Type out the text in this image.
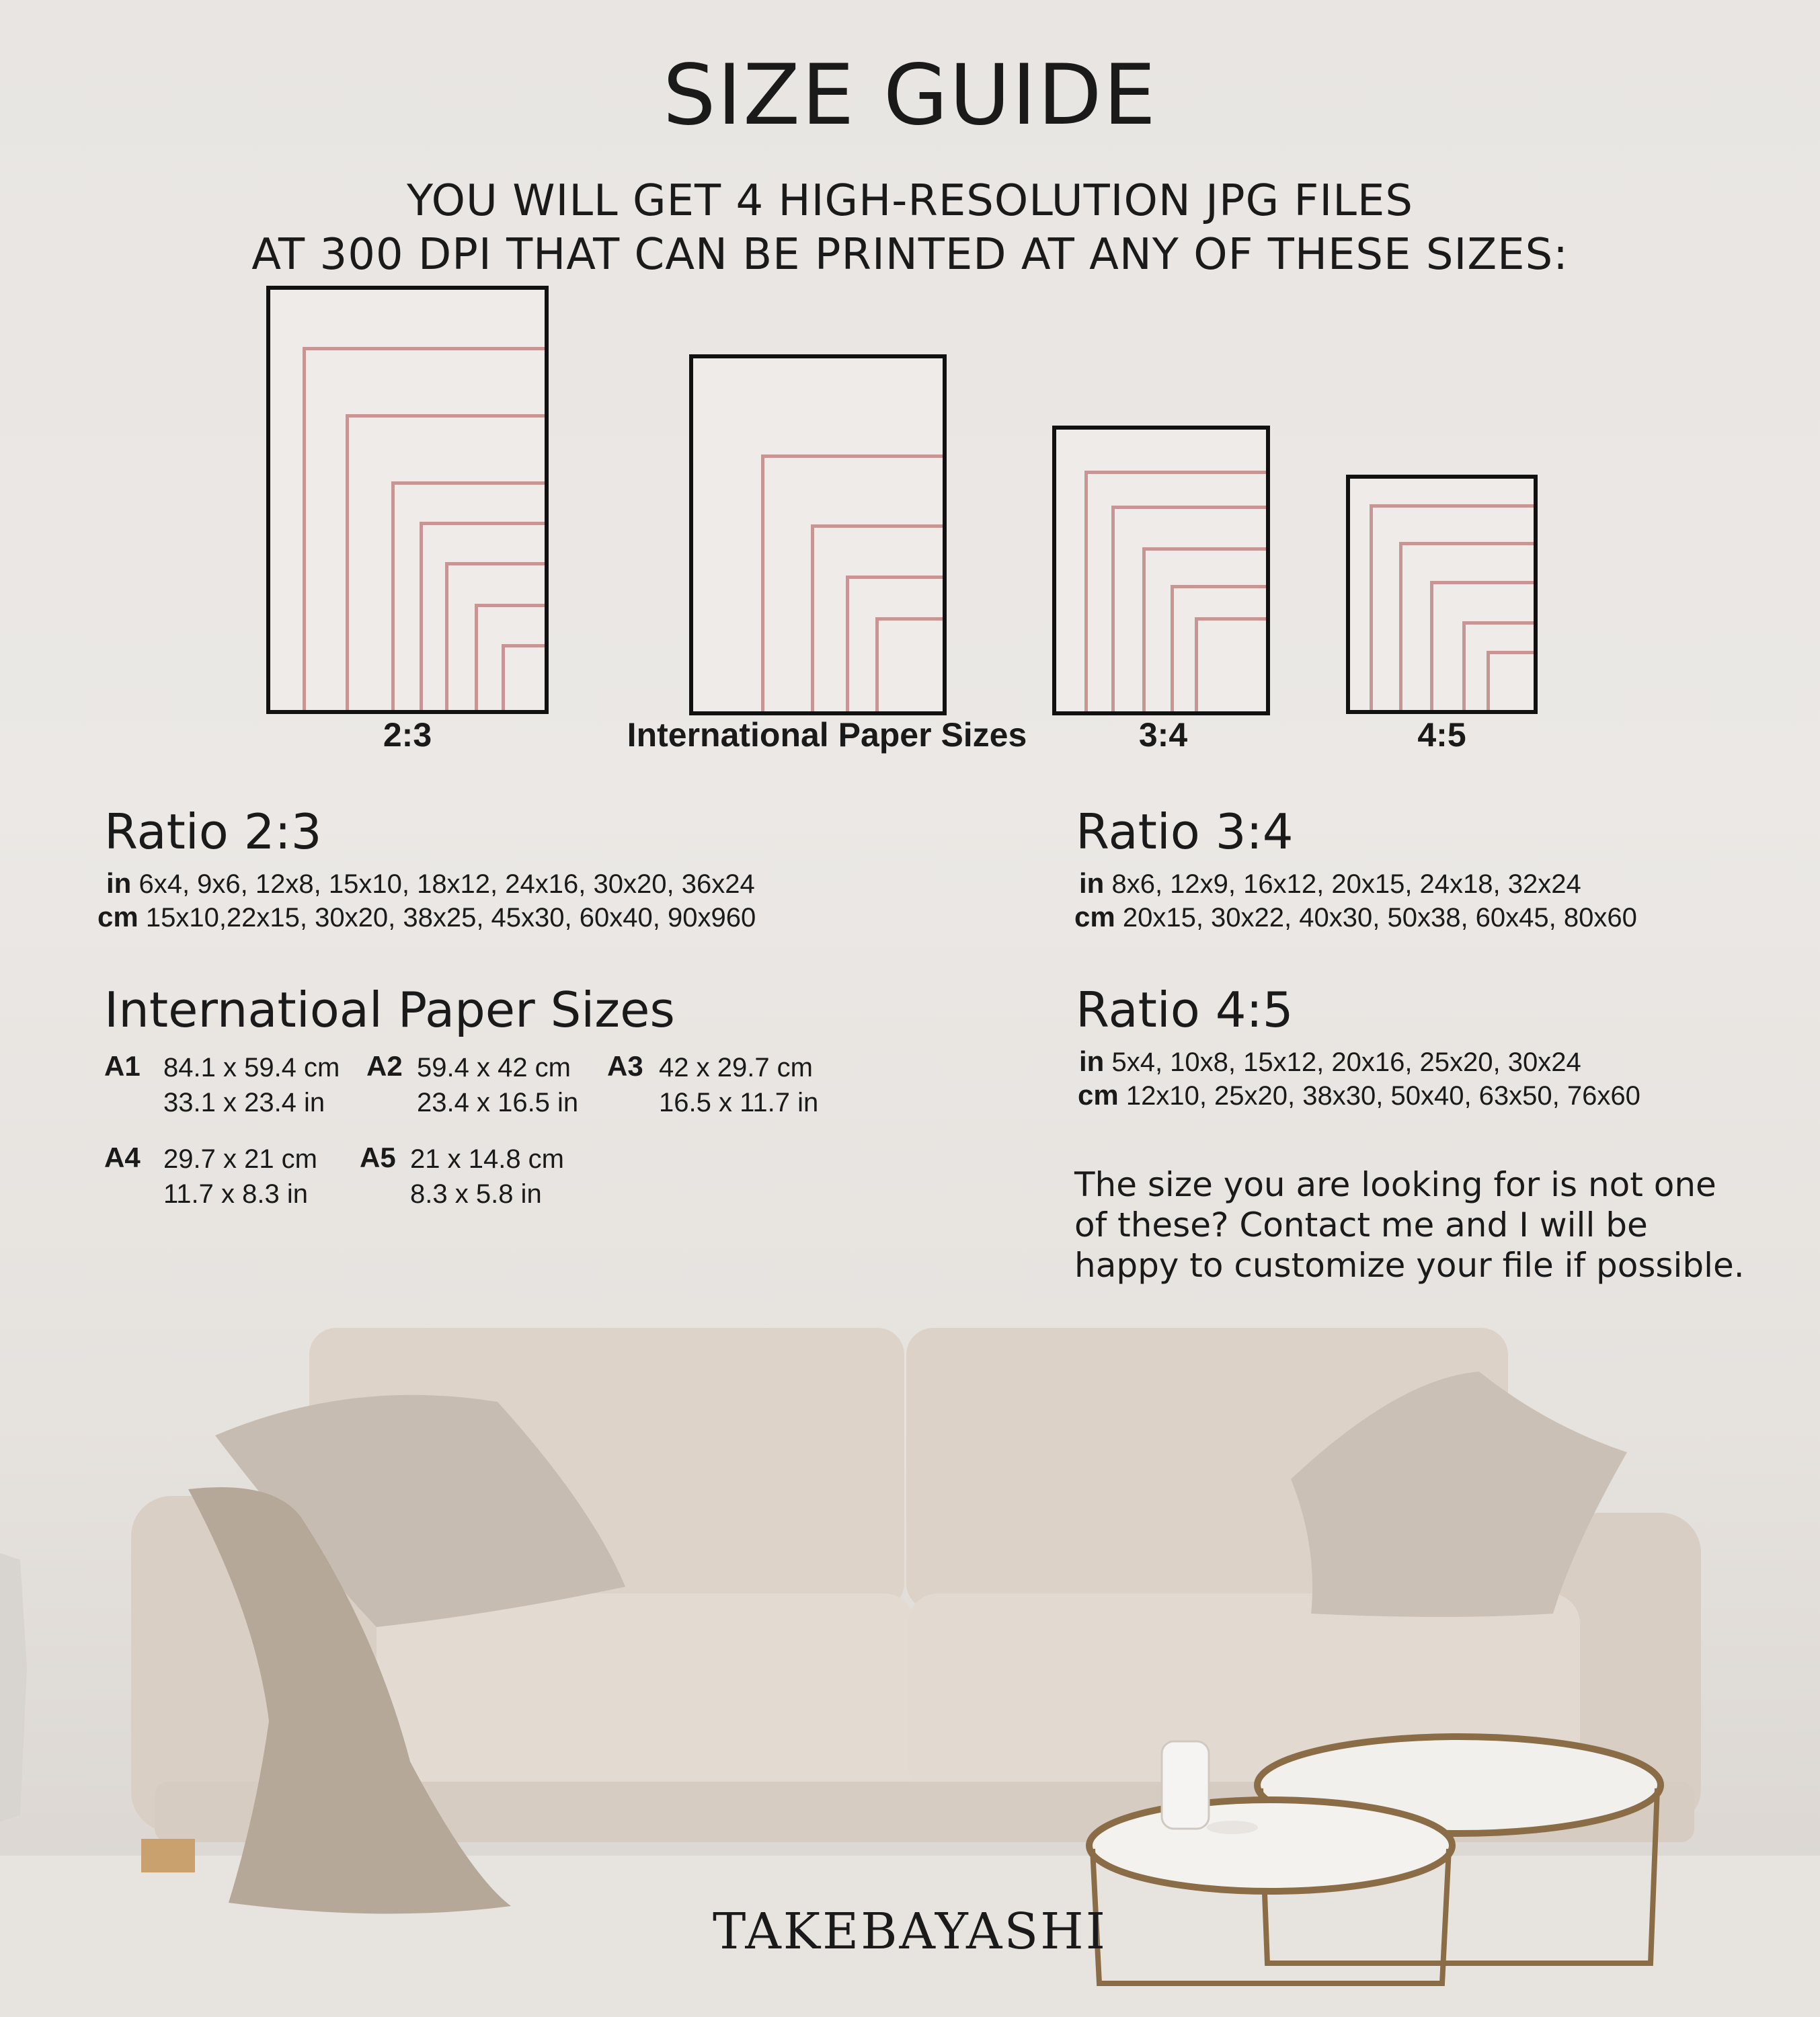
SIZE GUIDE
YOU WILL GET 4 HIGH-RESOLUTION JPG FILES
AT 300 DPI THAT CAN BE PRINTED AT ANY OF THESE SIZES:
2:3	International Paper Sizes	3:4	4:5
Ratio 2:3
in 6x4, 9x6, 12x8, 15x10, 18x12, 24x16, 30x20, 36x24
cm 15x10,22x15, 30x20, 38x25, 45x30, 60x40, 90x960
Ratio 3:4
in 8x6, 12x9, 16x12, 20x15, 24x18, 32x24
cm 20x15, 30x22, 40x30, 50x38, 60x45, 80x60
Internatioal Paper Sizes
A1 84.1 x 59.4 cm
33.1 x 23.4 in
A2 59.4 x 42 cm
23.4 x 16.5 in
A3 42 x 29.7 cm
16.5 x 11.7 in
A4 29.7 x 21 cm
11.7 x 8.3 in
A5 21 x 14.8 cm
8.3 x 5.8 in
Ratio 4:5
in 5x4, 10x8, 15x12, 20x16, 25x20, 30x24
cm 12x10, 25x20, 38x30, 50x40, 63x50, 76x60
The size you are looking for is not one
of these? Contact me and I will be
happy to customize your file if possible.
TAKEBAYASHI
